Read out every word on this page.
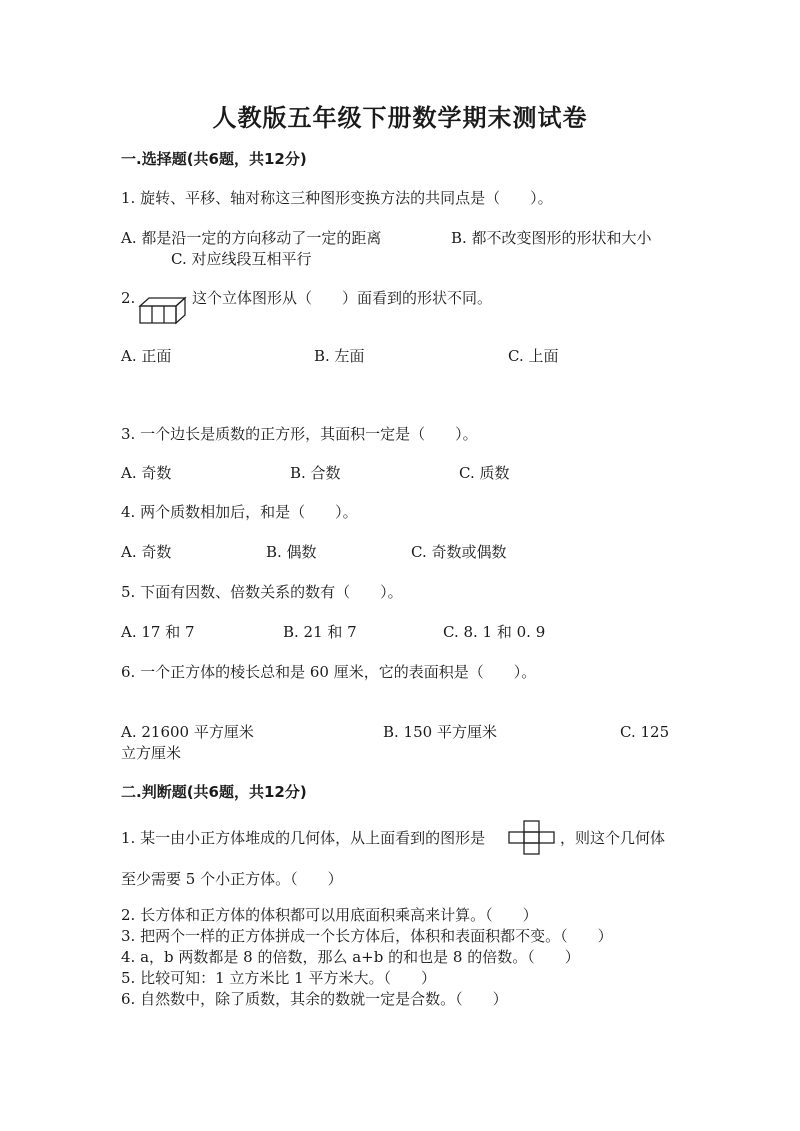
人教版五年级下册数学期末测试卷
一.选择题(共6题，共12分)
1. 旋转、平移、轴对称这三种图形变换方法的共同点是（　　）。
A. 都是沿一定的方向移动了一定的距离	B. 都不改变图形的形状和大小
C. 对应线段互相平行
2.	这个立体图形从（　　）面看到的形状不同。
A. 正面	B. 左面	C. 上面
3. 一个边长是质数的正方形，其面积一定是（　　）。
A. 奇数	B. 合数	C. 质数
4. 两个质数相加后，和是（　　）。
A. 奇数	B. 偶数	C. 奇数或偶数
5. 下面有因数、倍数关系的数有（　　）。
A. 17 和 7	B. 21 和 7	C. 8. 1 和 0. 9
6. 一个正方体的棱长总和是 60 厘米，它的表面积是（　　）。
A. 21600 平方厘米	B. 150 平方厘米	C. 125
立方厘米
二.判断题(共6题，共12分)
1. 某一由小正方体堆成的几何体，从上面看到的图形是	，则这个几何体
至少需要 5 个小正方体。（　　）
2. 长方体和正方体的体积都可以用底面积乘高来计算。（　　）
3. 把两个一样的正方体拼成一个长方体后，体积和表面积都不变。（　　）
4. a，b 两数都是 8 的倍数，那么 a+b 的和也是 8 的倍数。（　　）
5. 比较可知：1 立方米比 1 平方米大。（　　）
6. 自然数中，除了质数，其余的数就一定是合数。（　　）
